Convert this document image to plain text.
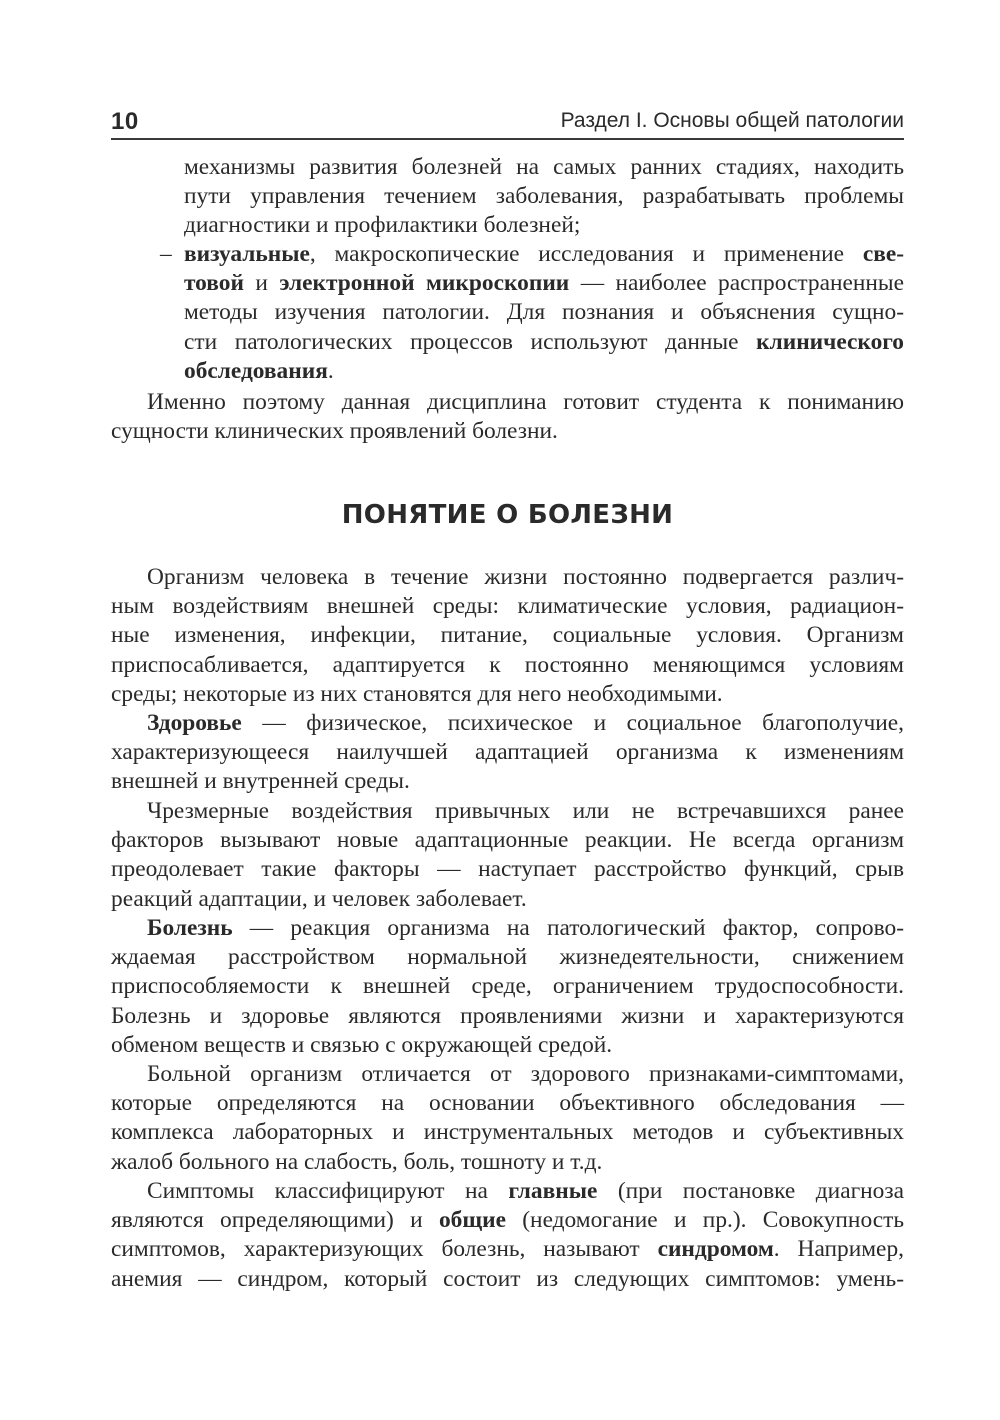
10	Раздел I. Основы общей патологии
механизмы развития болезней на самых ранних стадиях, находить
пути управления течением заболевания, разрабатывать проблемы
диагностики и профилактики болезней;
– визуальные, макроскопические исследования и применение све-
товой и электронной микроскопии — наиболее распространенные
методы изучения патологии. Для познания и объяснения сущно-
сти патологических процессов используют данные клинического
обследования.
Именно поэтому данная дисциплина готовит студента к пониманию
сущности клинических проявлений болезни.
ПОНЯТИЕ О БОЛЕЗНИ
Организм человека в течение жизни постоянно подвергается различ-
ным воздействиям внешней среды: климатические условия, радиацион-
ные изменения, инфекции, питание, социальные условия. Организм
приспосабливается, адаптируется к постоянно меняющимся условиям
среды; некоторые из них становятся для него необходимыми.
Здоровье — физическое, психическое и социальное благополучие,
характеризующееся наилучшей адаптацией организма к изменениям
внешней и внутренней среды.
Чрезмерные воздействия привычных или не встречавшихся ранее
факторов вызывают новые адаптационные реакции. Не всегда организм
преодолевает такие факторы — наступает расстройство функций, срыв
реакций адаптации, и человек заболевает.
Болезнь — реакция организма на патологический фактор, сопрово-
ждаемая расстройством нормальной жизнедеятельности, снижением
приспособляемости к внешней среде, ограничением трудоспособности.
Болезнь и здоровье являются проявлениями жизни и характеризуются
обменом веществ и связью с окружающей средой.
Больной организм отличается от здорового признаками-симптомами,
которые определяются на основании объективного обследования —
комплекса лабораторных и инструментальных методов и субъективных
жалоб больного на слабость, боль, тошноту и т.д.
Симптомы классифицируют на главные (при постановке диагноза
являются определяющими) и общие (недомогание и пр.). Совокупность
симптомов, характеризующих болезнь, называют синдромом. Например,
анемия — синдром, который состоит из следующих симптомов: умень-
